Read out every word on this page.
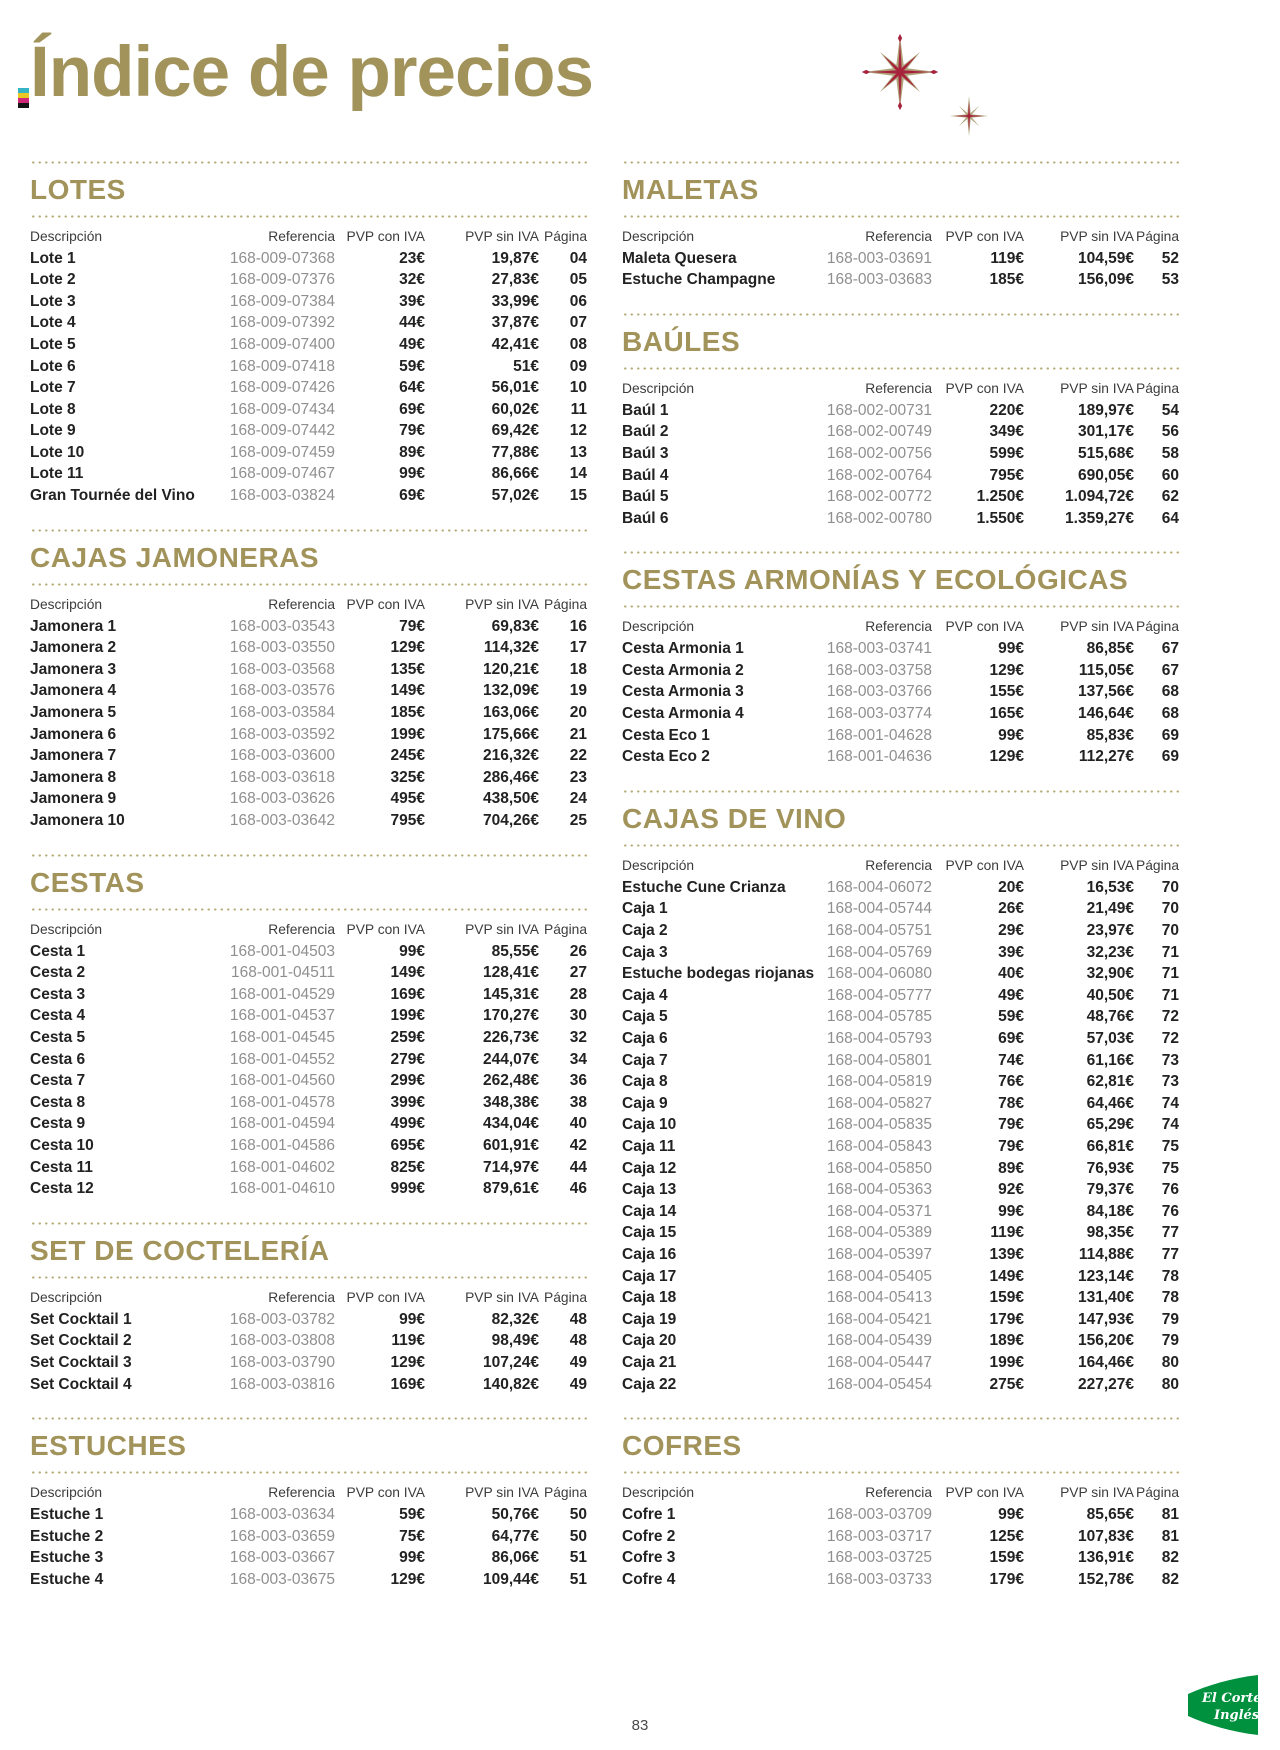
Índice de precios
LOTES
Descripción	Referencia	PVP con IVA	PVP sin IVA	Página
Lote 1	168-009-07368	23€	19,87€	04
Lote 2	168-009-07376	32€	27,83€	05
Lote 3	168-009-07384	39€	33,99€	06
Lote 4	168-009-07392	44€	37,87€	07
Lote 5	168-009-07400	49€	42,41€	08
Lote 6	168-009-07418	59€	51€	09
Lote 7	168-009-07426	64€	56,01€	10
Lote 8	168-009-07434	69€	60,02€	11
Lote 9	168-009-07442	79€	69,42€	12
Lote 10	168-009-07459	89€	77,88€	13
Lote 11	168-009-07467	99€	86,66€	14
Gran Tournée del Vino	168-003-03824	69€	57,02€	15
CAJAS JAMONERAS
Descripción	Referencia	PVP con IVA	PVP sin IVA	Página
Jamonera 1	168-003-03543	79€	69,83€	16
Jamonera 2	168-003-03550	129€	114,32€	17
Jamonera 3	168-003-03568	135€	120,21€	18
Jamonera 4	168-003-03576	149€	132,09€	19
Jamonera 5	168-003-03584	185€	163,06€	20
Jamonera 6	168-003-03592	199€	175,66€	21
Jamonera 7	168-003-03600	245€	216,32€	22
Jamonera 8	168-003-03618	325€	286,46€	23
Jamonera 9	168-003-03626	495€	438,50€	24
Jamonera 10	168-003-03642	795€	704,26€	25
CESTAS
Descripción	Referencia	PVP con IVA	PVP sin IVA	Página
Cesta 1	168-001-04503	99€	85,55€	26
Cesta 2	168-001-04511	149€	128,41€	27
Cesta 3	168-001-04529	169€	145,31€	28
Cesta 4	168-001-04537	199€	170,27€	30
Cesta 5	168-001-04545	259€	226,73€	32
Cesta 6	168-001-04552	279€	244,07€	34
Cesta 7	168-001-04560	299€	262,48€	36
Cesta 8	168-001-04578	399€	348,38€	38
Cesta 9	168-001-04594	499€	434,04€	40
Cesta 10	168-001-04586	695€	601,91€	42
Cesta 11	168-001-04602	825€	714,97€	44
Cesta 12	168-001-04610	999€	879,61€	46
SET DE COCTELERÍA
Descripción	Referencia	PVP con IVA	PVP sin IVA	Página
Set Cocktail 1	168-003-03782	99€	82,32€	48
Set Cocktail 2	168-003-03808	119€	98,49€	48
Set Cocktail 3	168-003-03790	129€	107,24€	49
Set Cocktail 4	168-003-03816	169€	140,82€	49
ESTUCHES
Descripción	Referencia	PVP con IVA	PVP sin IVA	Página
Estuche 1	168-003-03634	59€	50,76€	50
Estuche 2	168-003-03659	75€	64,77€	50
Estuche 3	168-003-03667	99€	86,06€	51
Estuche 4	168-003-03675	129€	109,44€	51
MALETAS
Descripción	Referencia	PVP con IVA	PVP sin IVA	Página
Maleta Quesera	168-003-03691	119€	104,59€	52
Estuche Champagne	168-003-03683	185€	156,09€	53
BAÚLES
Descripción	Referencia	PVP con IVA	PVP sin IVA	Página
Baúl 1	168-002-00731	220€	189,97€	54
Baúl 2	168-002-00749	349€	301,17€	56
Baúl 3	168-002-00756	599€	515,68€	58
Baúl 4	168-002-00764	795€	690,05€	60
Baúl 5	168-002-00772	1.250€	1.094,72€	62
Baúl 6	168-002-00780	1.550€	1.359,27€	64
CESTAS ARMONÍAS Y ECOLÓGICAS
Descripción	Referencia	PVP con IVA	PVP sin IVA	Página
Cesta Armonia 1	168-003-03741	99€	86,85€	67
Cesta Armonia 2	168-003-03758	129€	115,05€	67
Cesta Armonia 3	168-003-03766	155€	137,56€	68
Cesta Armonia 4	168-003-03774	165€	146,64€	68
Cesta Eco 1	168-001-04628	99€	85,83€	69
Cesta Eco 2	168-001-04636	129€	112,27€	69
CAJAS DE VINO
Descripción	Referencia	PVP con IVA	PVP sin IVA	Página
Estuche Cune Crianza	168-004-06072	20€	16,53€	70
Caja 1	168-004-05744	26€	21,49€	70
Caja 2	168-004-05751	29€	23,97€	70
Caja 3	168-004-05769	39€	32,23€	71
Estuche bodegas riojanas	168-004-06080	40€	32,90€	71
Caja 4	168-004-05777	49€	40,50€	71
Caja 5	168-004-05785	59€	48,76€	72
Caja 6	168-004-05793	69€	57,03€	72
Caja 7	168-004-05801	74€	61,16€	73
Caja 8	168-004-05819	76€	62,81€	73
Caja 9	168-004-05827	78€	64,46€	74
Caja 10	168-004-05835	79€	65,29€	74
Caja 11	168-004-05843	79€	66,81€	75
Caja 12	168-004-05850	89€	76,93€	75
Caja 13	168-004-05363	92€	79,37€	76
Caja 14	168-004-05371	99€	84,18€	76
Caja 15	168-004-05389	119€	98,35€	77
Caja 16	168-004-05397	139€	114,88€	77
Caja 17	168-004-05405	149€	123,14€	78
Caja 18	168-004-05413	159€	131,40€	78
Caja 19	168-004-05421	179€	147,93€	79
Caja 20	168-004-05439	189€	156,20€	79
Caja 21	168-004-05447	199€	164,46€	80
Caja 22	168-004-05454	275€	227,27€	80
COFRES
Descripción	Referencia	PVP con IVA	PVP sin IVA	Página
Cofre 1	168-003-03709	99€	85,65€	81
Cofre 2	168-003-03717	125€	107,83€	81
Cofre 3	168-003-03725	159€	136,91€	82
Cofre 4	168-003-03733	179€	152,78€	82
83
El Corte
Inglés
